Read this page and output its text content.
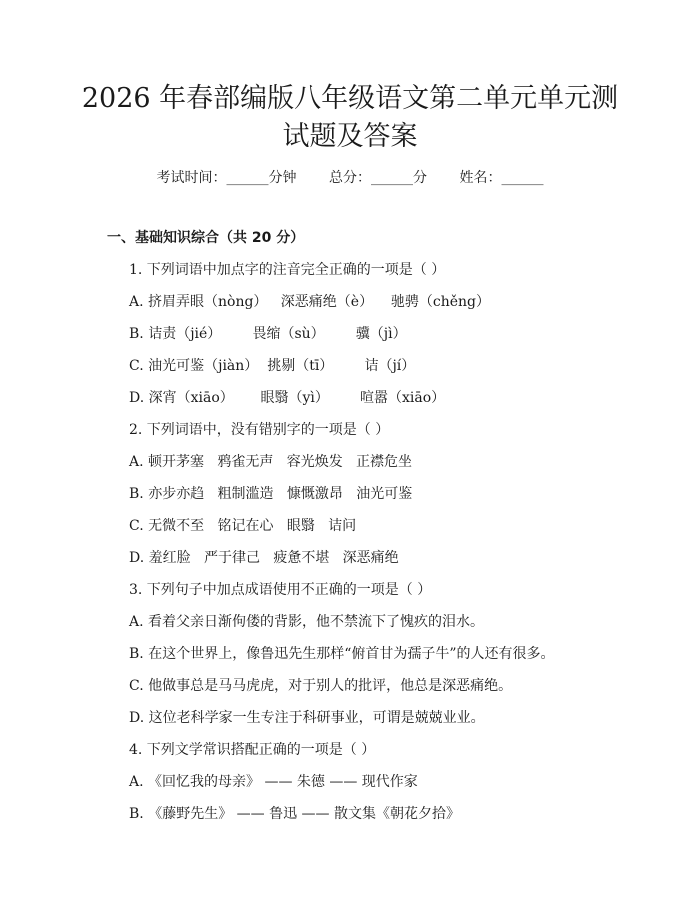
2026 年春部编版八年级语文第二单元单元测
试题及答案
考试时间：______分钟 总分：______分 姓名：______
一、基础知识综合（共 20 分）
1. 下列词语中加点字的注音完全正确的一项是（ ）
A. 挤眉弄眼（nòng）   深恶痛绝（è）    驰骋（chěng）
B. 诘责（jié）       畏缩（sù）       骥（jì）
C. 油光可鉴（jiàn）  挑剔（tī）       诘（jí）
D. 深宵（xiāo）      眼翳（yì）       喧嚣（xiāo）
2. 下列词语中，没有错别字的一项是（ ）
A. 顿开茅塞   鸦雀无声   容光焕发   正襟危坐
B. 亦步亦趋   粗制滥造   慷慨激昂   油光可鉴
C. 无微不至   铭记在心   眼翳   诘问
D. 羞红脸   严于律己   疲惫不堪   深恶痛绝
3. 下列句子中加点成语使用不正确的一项是（ ）
A. 看着父亲日渐佝偻的背影，他不禁流下了愧疚的泪水。
B. 在这个世界上，像鲁迅先生那样“俯首甘为孺子牛”的人还有很多。
C. 他做事总是马马虎虎，对于别人的批评，他总是深恶痛绝。
D. 这位老科学家一生专注于科研事业，可谓是兢兢业业。
4. 下列文学常识搭配正确的一项是（ ）
A. 《回忆我的母亲》 —— 朱德 —— 现代作家
B. 《藤野先生》 —— 鲁迅 —— 散文集《朝花夕拾》
